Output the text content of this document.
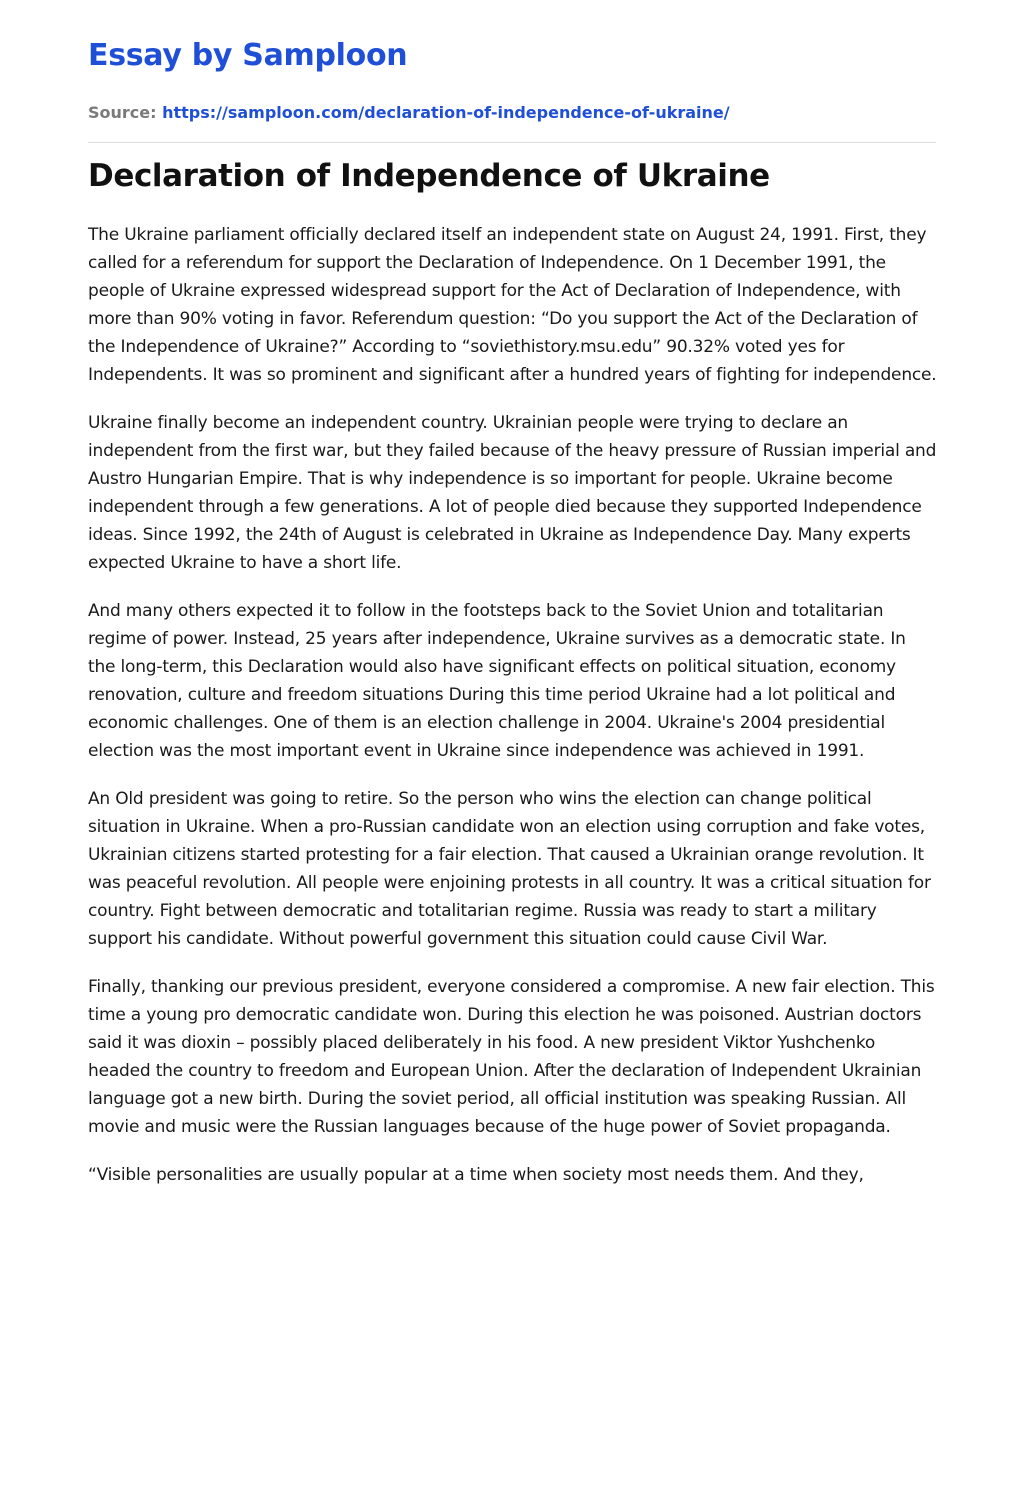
Essay by Samploon
Source: https://samploon.com/declaration-of-independence-of-ukraine/
Declaration of Independence of Ukraine

The Ukraine parliament officially declared itself an independent state on August 24, 1991. First, they called for a referendum for support the Declaration of Independence. On 1 December 1991, the people of Ukraine expressed widespread support for the Act of Declaration of Independence, with more than 90% voting in favor. Referendum question: “Do you support the Act of the Declaration of the Independence of Ukraine?” According to “soviethistory.msu.edu” 90.32% voted yes for Independents. It was so prominent and significant after a hundred years of fighting for independence.

Ukraine finally become an independent country. Ukrainian people were trying to declare an independent from the first war, but they failed because of the heavy pressure of Russian imperial and Austro Hungarian Empire. That is why independence is so important for people. Ukraine become independent through a few generations. A lot of people died because they supported Independence ideas. Since 1992, the 24th of August is celebrated in Ukraine as Independence Day. Many experts expected Ukraine to have a short life.

And many others expected it to follow in the footsteps back to the Soviet Union and totalitarian regime of power. Instead, 25 years after independence, Ukraine survives as a democratic state. In the long-term, this Declaration would also have significant effects on political situation, economy renovation, culture and freedom situations During this time period Ukraine had a lot political and economic challenges. One of them is an election challenge in 2004. Ukraine's 2004 presidential election was the most important event in Ukraine since independence was achieved in 1991.

An Old president was going to retire. So the person who wins the election can change political situation in Ukraine. When a pro-Russian candidate won an election using corruption and fake votes, Ukrainian citizens started protesting for a fair election. That caused a Ukrainian orange revolution. It was peaceful revolution. All people were enjoining protests in all country. It was a critical situation for country. Fight between democratic and totalitarian regime. Russia was ready to start a military support his candidate. Without powerful government this situation could cause Civil War.

Finally, thanking our previous president, everyone considered a compromise. A new fair election. This time a young pro democratic candidate won. During this election he was poisoned. Austrian doctors said it was dioxin – possibly placed deliberately in his food. A new president Viktor Yushchenko headed the country to freedom and European Union. After the declaration of Independent Ukrainian language got a new birth. During the soviet period, all official institution was speaking Russian. All movie and music were the Russian languages because of the huge power of Soviet propaganda.

“Visible personalities are usually popular at a time when society most needs them. And they,
